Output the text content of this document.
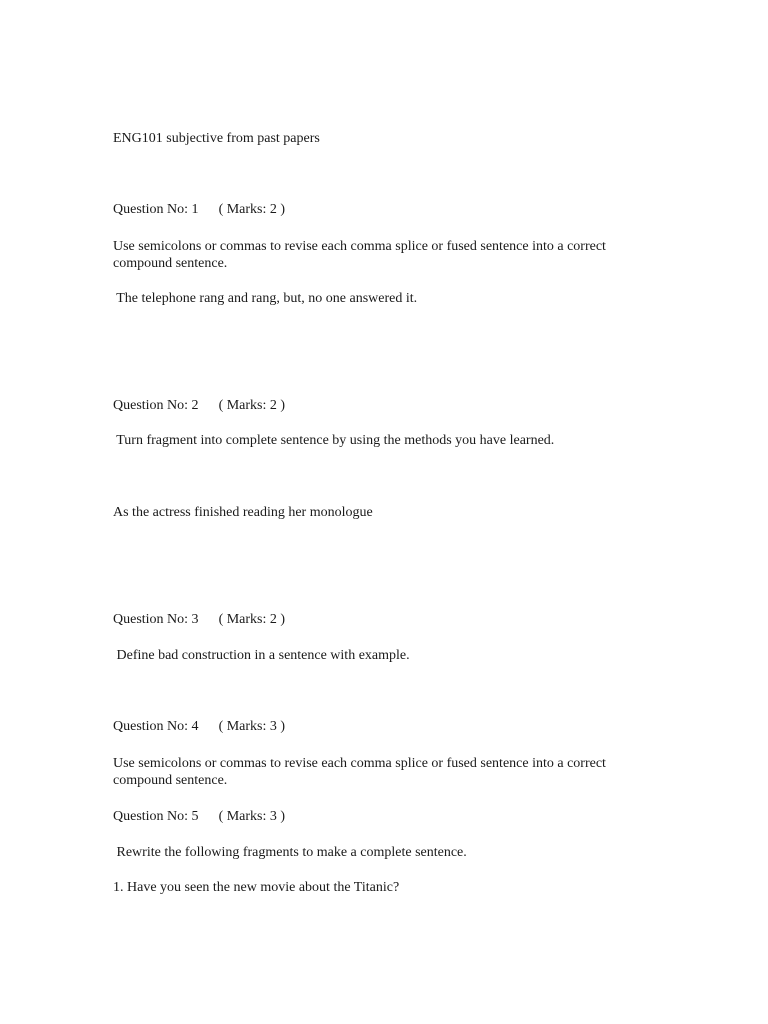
ENG101 subjective from past papers

Question No: 1 ( Marks: 2 )

Use semicolons or commas to revise each comma splice or fused sentence into a correct compound sentence.

The telephone rang and rang, but, no one answered it.

Question No: 2 ( Marks: 2 )

Turn fragment into complete sentence by using the methods you have learned.

As the actress finished reading her monologue

Question No: 3 ( Marks: 2 )

Define bad construction in a sentence with example.

Question No: 4 ( Marks: 3 )

Use semicolons or commas to revise each comma splice or fused sentence into a correct compound sentence.

Question No: 5 ( Marks: 3 )

Rewrite the following fragments to make a complete sentence.

1. Have you seen the new movie about the Titanic?
